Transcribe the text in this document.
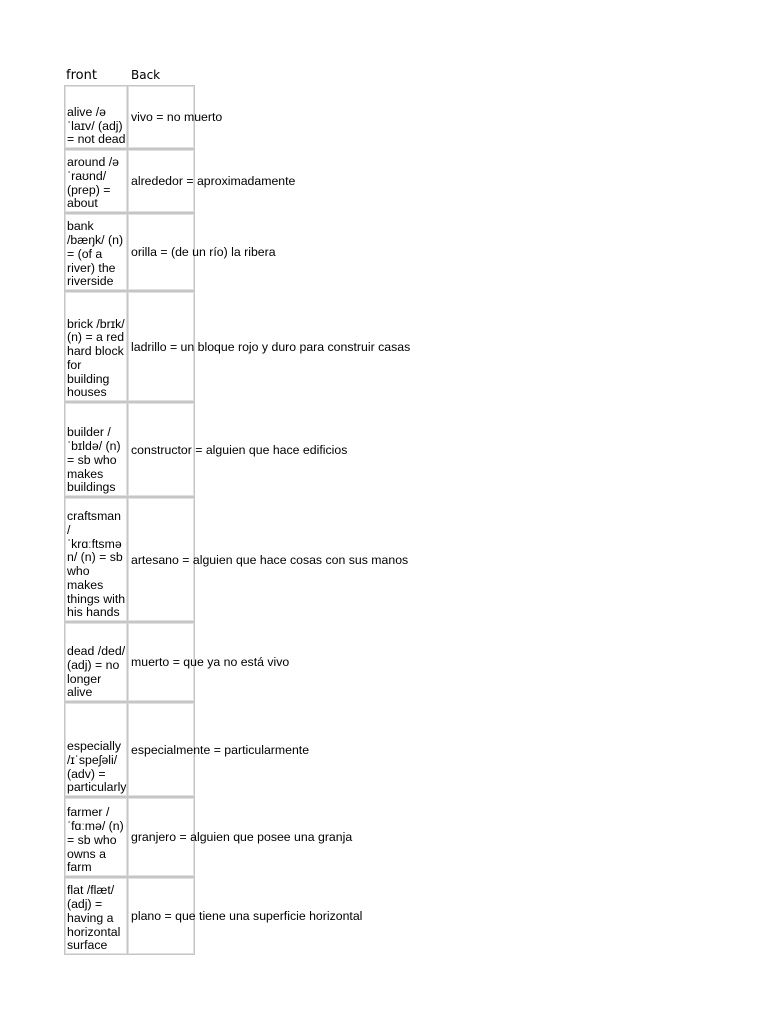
front	Back
alive /əˈlaɪv/ (adj) = not dead
vivo = no muerto
around /əˈraʊnd/ (prep) = about
alrededor = aproximadamente
bank /bæŋk/ (n) = (of a river) the riverside
orilla = (de un río) la ribera
brick /brɪk/ (n) = a red hard block for building houses
ladrillo = un bloque rojo y duro para construir casas
builder /ˈbɪldə/ (n) = sb who makes buildings
constructor = alguien que hace edificios
craftsman /ˈkrɑːftsmən/ (n) = sb who makes things with his hands
artesano = alguien que hace cosas con sus manos
dead /ded/ (adj) = no longer alive
muerto = que ya no está vivo
especially /ɪˈspeʃəli/ (adv) = particularly
especialmente = particularmente
farmer /ˈfɑːmə/ (n) = sb who owns a farm
granjero = alguien que posee una granja
flat /flæt/ (adj) = having a horizontal surface
plano = que tiene una superficie horizontal
